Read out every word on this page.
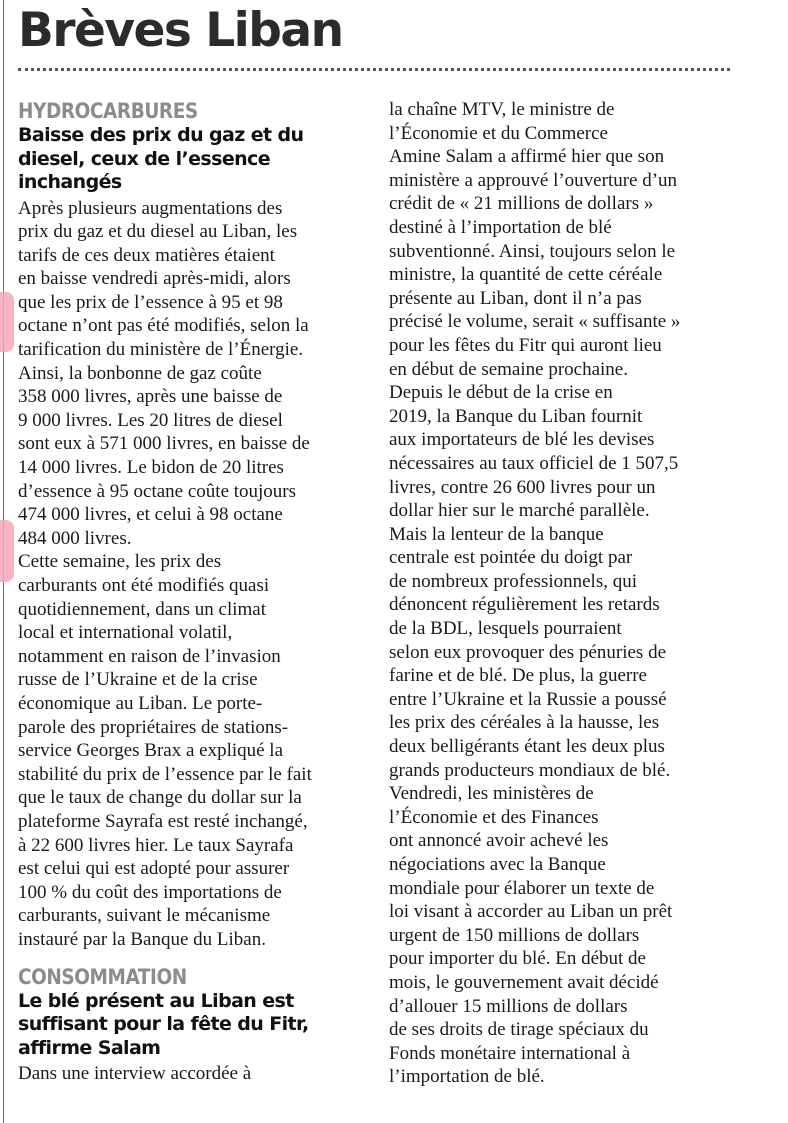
Brèves Liban
HYDROCARBURES
Baisse des prix du gaz et du
diesel, ceux de l’essence
inchangés
Après plusieurs augmentations des
prix du gaz et du diesel au Liban, les
tarifs de ces deux matières étaient
en baisse vendredi après-midi, alors
que les prix de l’essence à 95 et 98
octane n’ont pas été modifiés, selon la
tarification du ministère de l’Énergie.
Ainsi, la bonbonne de gaz coûte
358 000 livres, après une baisse de
9 000 livres. Les 20 litres de diesel
sont eux à 571 000 livres, en baisse de
14 000 livres. Le bidon de 20 litres
d’essence à 95 octane coûte toujours
474 000 livres, et celui à 98 octane
484 000 livres.
Cette semaine, les prix des
carburants ont été modifiés quasi
quotidiennement, dans un climat
local et international volatil,
notamment en raison de l’invasion
russe de l’Ukraine et de la crise
économique au Liban. Le porte-
parole des propriétaires de stations-
service Georges Brax a expliqué la
stabilité du prix de l’essence par le fait
que le taux de change du dollar sur la
plateforme Sayrafa est resté inchangé,
à 22 600 livres hier. Le taux Sayrafa
est celui qui est adopté pour assurer
100 % du coût des importations de
carburants, suivant le mécanisme
instauré par la Banque du Liban.
CONSOMMATION
Le blé présent au Liban est
suffisant pour la fête du Fitr,
affirme Salam
Dans une interview accordée à
la chaîne MTV, le ministre de
l’Économie et du Commerce
Amine Salam a affirmé hier que son
ministère a approuvé l’ouverture d’un
crédit de « 21 millions de dollars »
destiné à l’importation de blé
subventionné. Ainsi, toujours selon le
ministre, la quantité de cette céréale
présente au Liban, dont il n’a pas
précisé le volume, serait « suffisante »
pour les fêtes du Fitr qui auront lieu
en début de semaine prochaine.
Depuis le début de la crise en
2019, la Banque du Liban fournit
aux importateurs de blé les devises
nécessaires au taux officiel de 1 507,5
livres, contre 26 600 livres pour un
dollar hier sur le marché parallèle.
Mais la lenteur de la banque
centrale est pointée du doigt par
de nombreux professionnels, qui
dénoncent régulièrement les retards
de la BDL, lesquels pourraient
selon eux provoquer des pénuries de
farine et de blé. De plus, la guerre
entre l’Ukraine et la Russie a poussé
les prix des céréales à la hausse, les
deux belligérants étant les deux plus
grands producteurs mondiaux de blé.
Vendredi, les ministères de
l’Économie et des Finances
ont annoncé avoir achevé les
négociations avec la Banque
mondiale pour élaborer un texte de
loi visant à accorder au Liban un prêt
urgent de 150 millions de dollars
pour importer du blé. En début de
mois, le gouvernement avait décidé
d’allouer 15 millions de dollars
de ses droits de tirage spéciaux du
Fonds monétaire international à
l’importation de blé.
